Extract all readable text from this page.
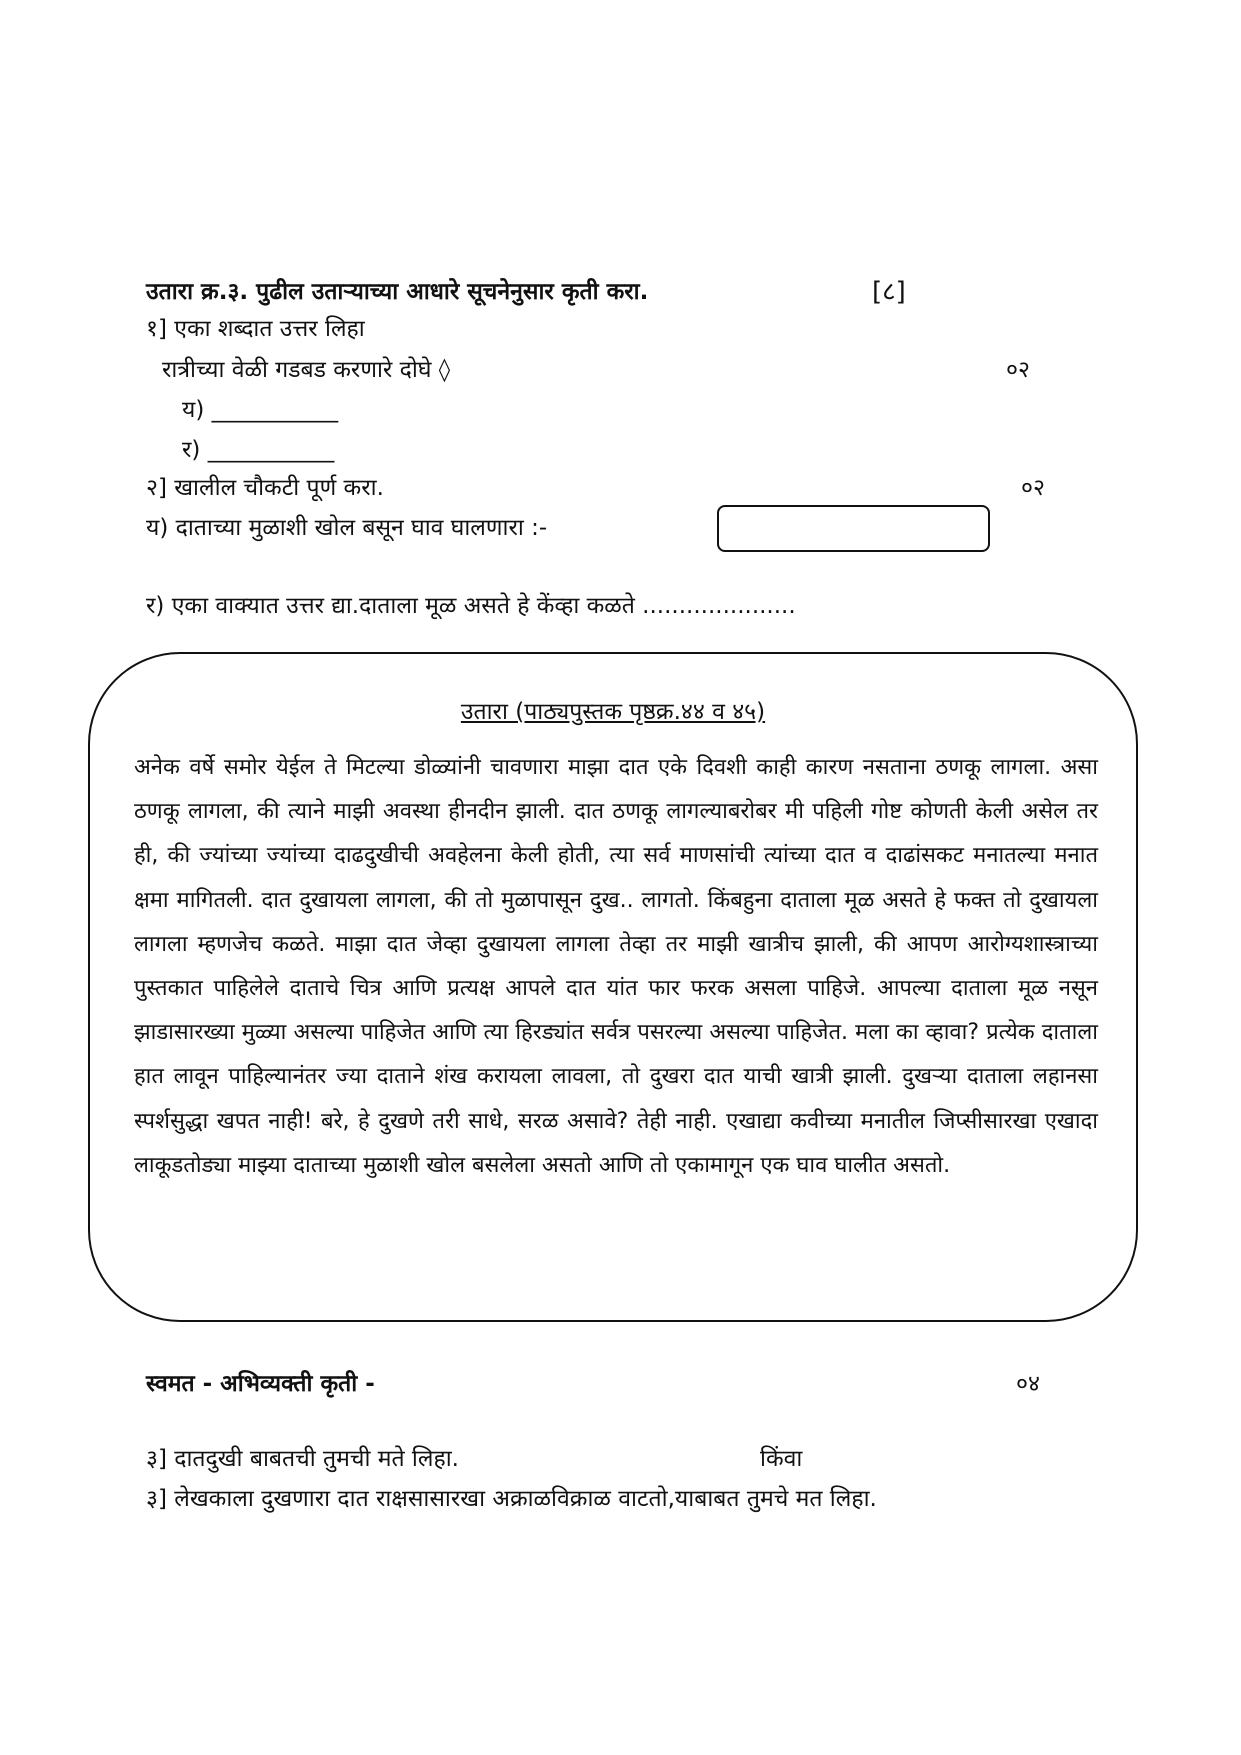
उतारा क्र.३. पुढील उताऱ्याच्या आधारे सूचनेनुसार कृती करा.	[८]
१] एका शब्दात उत्तर लिहा
रात्रीच्या वेळी गडबड करणारे दोघे ◊	०२
य) ___________
र) ___________
२] खालील चौकटी पूर्ण करा.	०२
य) दाताच्या मुळाशी खोल बसून घाव घालणारा :-
र) एका वाक्यात उत्तर द्या.दाताला मूळ असते हे केंव्हा कळते .....................
उतारा (पाठ्यपुस्तक पृष्ठक्र.४४ व ४५)
अनेक वर्षे समोर येईल ते मिटल्या डोळ्यांनी चावणारा माझा दात एके दिवशी काही कारण नसताना ठणकू लागला. असा ठणकू लागला, की त्याने माझी अवस्था हीनदीन झाली. दात ठणकू लागल्याबरोबर मी पहिली गोष्ट कोणती केली असेल तर ही, की ज्यांच्या ज्यांच्या दाढदुखीची अवहेलना केली होती, त्या सर्व माणसांची त्यांच्या दात व दाढांसकट मनातल्या मनात क्षमा मागितली. दात दुखायला लागला, की तो मुळापासून दुख.. लागतो. किंबहुना दाताला मूळ असते हे फक्त तो दुखायला लागला म्हणजेच कळते. माझा दात जेव्हा दुखायला लागला तेव्हा तर माझी खात्रीच झाली, की आपण आरोग्यशास्त्राच्या पुस्तकात पाहिलेले दाताचे चित्र आणि प्रत्यक्ष आपले दात यांत फार फरक असला पाहिजे. आपल्या दाताला मूळ नसून झाडासारख्या मुळ्या असल्या पाहिजेत आणि त्या हिरड्यांत सर्वत्र पसरल्या असल्या पाहिजेत. मला का व्हावा? प्रत्येक दाताला हात लावून पाहिल्यानंतर ज्या दाताने शंख करायला लावला, तो दुखरा दात याची खात्री झाली. दुखऱ्या दाताला लहानसा स्पर्शसुद्धा खपत नाही! बरे, हे दुखणे तरी साधे, सरळ असावे? तेही नाही. एखाद्या कवीच्या मनातील जिप्सीसारखा एखादा लाकूडतोड्या माझ्या दाताच्या मुळाशी खोल बसलेला असतो आणि तो एकामागून एक घाव घालीत असतो.
स्वमत - अभिव्यक्ती कृती -	०४
३] दातदुखी बाबतची तुमची मते लिहा.	किंवा
३] लेखकाला दुखणारा दात राक्षसासारखा अक्राळविक्राळ वाटतो,याबाबत तुमचे मत लिहा.
